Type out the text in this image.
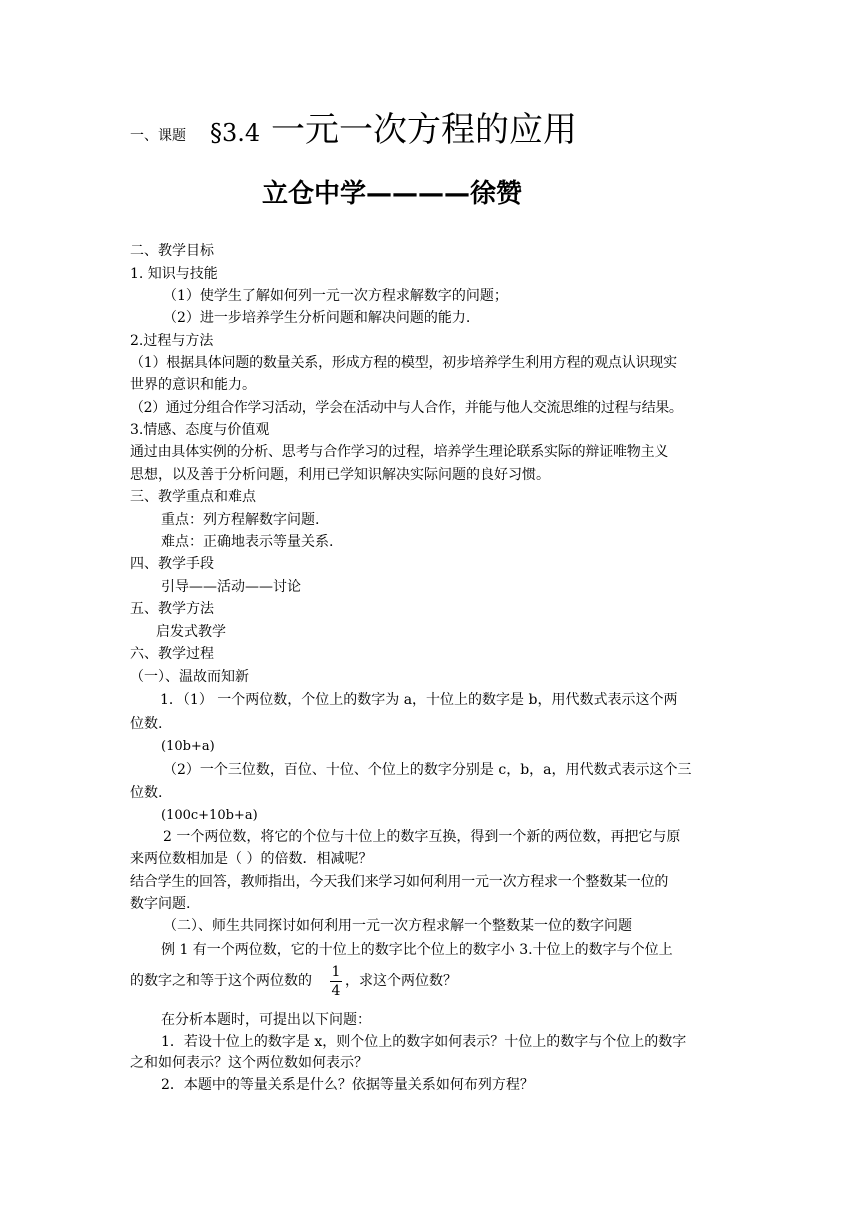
一、课题 §3.4 一元一次方程的应用
立仓中学————徐赞
二、教学目标
1. 知识与技能
（1）使学生了解如何列一元一次方程求解数字的问题；
（2）进一步培养学生分析问题和解决问题的能力.
2.过程与方法
（1）根据具体问题的数量关系，形成方程的模型，初步培养学生利用方程的观点认识现实
世界的意识和能力。
（2）通过分组合作学习活动，学会在活动中与人合作，并能与他人交流思维的过程与结果。
3.情感、态度与价值观
通过由具体实例的分析、思考与合作学习的过程，培养学生理论联系实际的辩证唯物主义
思想，以及善于分析问题，利用已学知识解决实际问题的良好习惯。
三、教学重点和难点
重点：列方程解数字问题.
难点：正确地表示等量关系.
四、教学手段
引导——活动——讨论
五、教学方法
启发式教学
六、教学过程
（一）、温故而知新
1．（1） 一个两位数，个位上的数字为 a，十位上的数字是 b，用代数式表示这个两
位数.
(10b+a)
（2）一个三位数，百位、十位、个位上的数字分别是 c，b，a，用代数式表示这个三
位数.
(100c+10b+a)
2 一个两位数，将它的个位与十位上的数字互换，得到一个新的两位数，再把它与原
来两位数相加是（ ）的倍数．相减呢？
结合学生的回答，教师指出，今天我们来学习如何利用一元一次方程求一个整数某一位的
数字问题.
（二）、师生共同探讨如何利用一元一次方程求解一个整数某一位的数字问题
例 1 有一个两位数，它的十位上的数字比个位上的数字小 3.十位上的数字与个位上
的数字之和等于这个两位数的
1
4
，求这个两位数？
在分析本题时，可提出以下问题：
1．若设十位上的数字是 x，则个位上的数字如何表示？十位上的数字与个位上的数字
之和如何表示？这个两位数如何表示？
2．本题中的等量关系是什么？依据等量关系如何布列方程？
